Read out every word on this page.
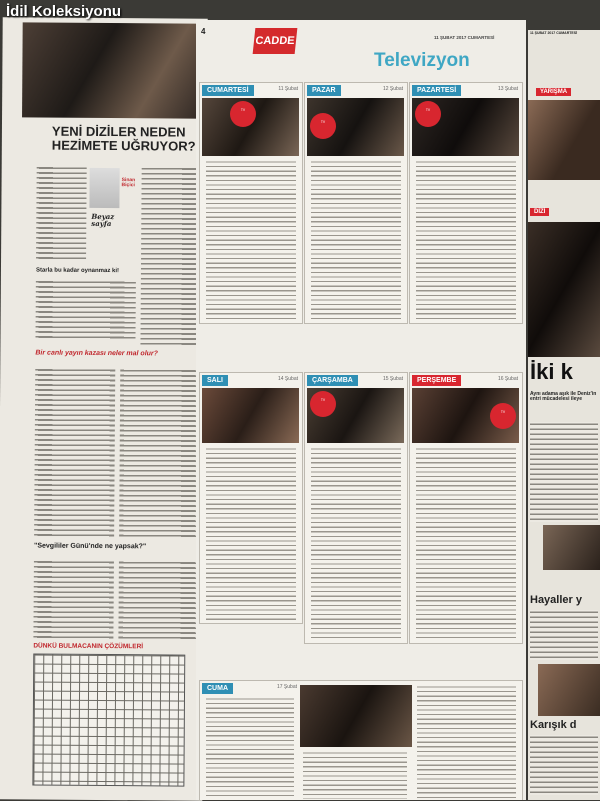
İdil Koleksiyonu
YENİ DİZİLER NEDEN HEZİMETE UĞRUYOR?
Sinan Biçici
Beyaz sayfa
Starla bu kadar oynanmaz ki!
Bir canlı yayın kazası neler mal olur?
"Sevgililer Günü'nde ne yapsak?"
DÜNKÜ BULMACANIN ÇÖZÜMLERİ
4
CADDE	11 ŞUBAT 2017 CUMARTESİ
Televizyon
CUMARTESİ	11 Şubat
TV
PAZAR	12 Şubat
TV
PAZARTESİ	13 Şubat
TV
SALI	14 Şubat	ÇARŞAMBA	15 Şubat
TV
PERŞEMBE	16 Şubat
TV
CUMA	17 Şubat
11 ŞUBAT 2017 CUMARTESİ
YARIŞMA
DİZİ
İki k
Aynı adama aşık ile Deniz'in entri mücadelesi ileye
Hayaller y
Karışık d
